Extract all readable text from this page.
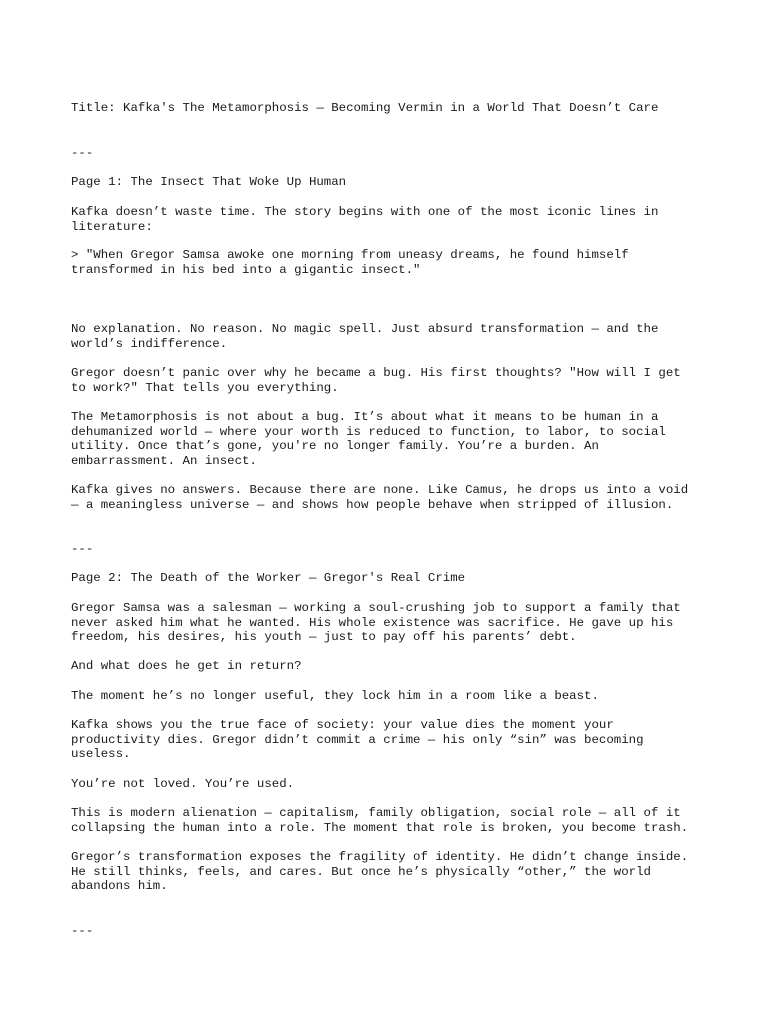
Title: Kafka's The Metamorphosis — Becoming Vermin in a World That Doesn’t Care

---

Page 1: The Insect That Woke Up Human

Kafka doesn’t waste time. The story begins with one of the most iconic lines in
literature:

> "When Gregor Samsa awoke one morning from uneasy dreams, he found himself
transformed in his bed into a gigantic insect."

No explanation. No reason. No magic spell. Just absurd transformation — and the
world’s indifference.

Gregor doesn’t panic over why he became a bug. His first thoughts? "How will I get
to work?" That tells you everything.

The Metamorphosis is not about a bug. It’s about what it means to be human in a
dehumanized world — where your worth is reduced to function, to labor, to social
utility. Once that’s gone, you're no longer family. You’re a burden. An
embarrassment. An insect.

Kafka gives no answers. Because there are none. Like Camus, he drops us into a void
— a meaningless universe — and shows how people behave when stripped of illusion.

---

Page 2: The Death of the Worker — Gregor's Real Crime

Gregor Samsa was a salesman — working a soul-crushing job to support a family that
never asked him what he wanted. His whole existence was sacrifice. He gave up his
freedom, his desires, his youth — just to pay off his parents’ debt.

And what does he get in return?

The moment he’s no longer useful, they lock him in a room like a beast.

Kafka shows you the true face of society: your value dies the moment your
productivity dies. Gregor didn’t commit a crime — his only “sin” was becoming
useless.

You’re not loved. You’re used.

This is modern alienation — capitalism, family obligation, social role — all of it
collapsing the human into a role. The moment that role is broken, you become trash.

Gregor’s transformation exposes the fragility of identity. He didn’t change inside.
He still thinks, feels, and cares. But once he’s physically “other,” the world
abandons him.

---
